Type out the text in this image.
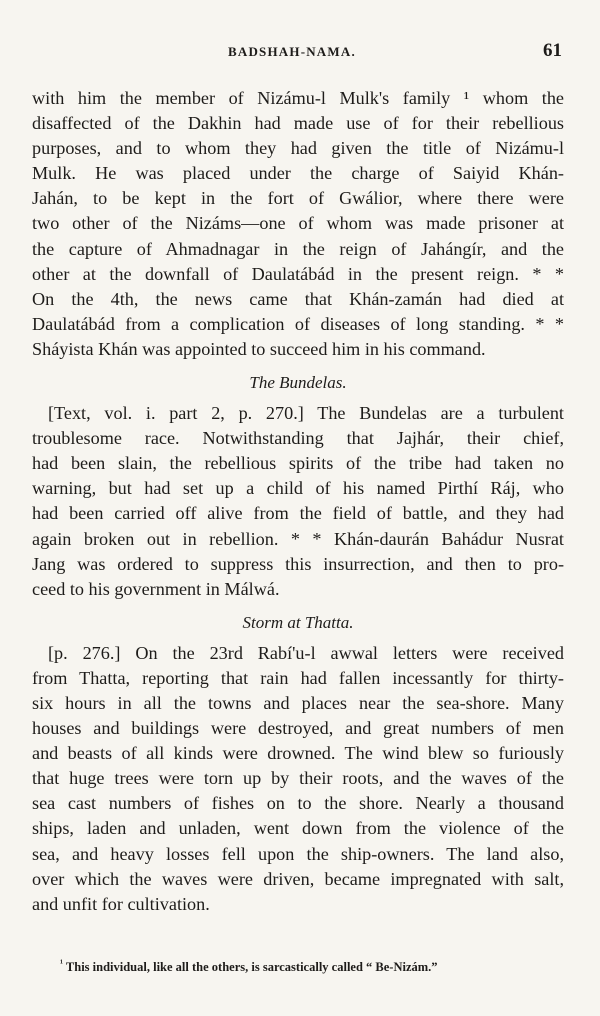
BADSHAH-NAMA.	61
with him the member of Nizámu-l Mulk's family ¹ whom the
disaffected of the Dakhin had made use of for their rebellious
purposes, and to whom they had given the title of Nizámu-l
Mulk. He was placed under the charge of Saiyid Khán-
Jahán, to be kept in the fort of Gwálior, where there were
two other of the Nizáms—one of whom was made prisoner at
the capture of Ahmadnagar in the reign of Jahángír, and the
other at the downfall of Daulatábád in the present reign. * *
On the 4th, the news came that Khán-zamán had died at
Daulatábád from a complication of diseases of long standing. * *
Sháyista Khán was appointed to succeed him in his command.
The Bundelas.
[Text, vol. i. part 2, p. 270.] The Bundelas are a turbulent
troublesome race. Notwithstanding that Jajhár, their chief,
had been slain, the rebellious spirits of the tribe had taken no
warning, but had set up a child of his named Pirthí Ráj, who
had been carried off alive from the field of battle, and they had
again broken out in rebellion. * * Khán-daurán Bahádur Nusrat
Jang was ordered to suppress this insurrection, and then to pro-
ceed to his government in Málwá.
Storm at Thatta.
[p. 276.] On the 23rd Rabí'u-l awwal letters were received
from Thatta, reporting that rain had fallen incessantly for thirty-
six hours in all the towns and places near the sea-shore. Many
houses and buildings were destroyed, and great numbers of men
and beasts of all kinds were drowned. The wind blew so furiously
that huge trees were torn up by their roots, and the waves of the
sea cast numbers of fishes on to the shore. Nearly a thousand
ships, laden and unladen, went down from the violence of the
sea, and heavy losses fell upon the ship-owners. The land also,
over which the waves were driven, became impregnated with salt,
and unfit for cultivation.
$^{^1}$ This individual, like all the others, is sarcastically called “ Be-Nizám.”
